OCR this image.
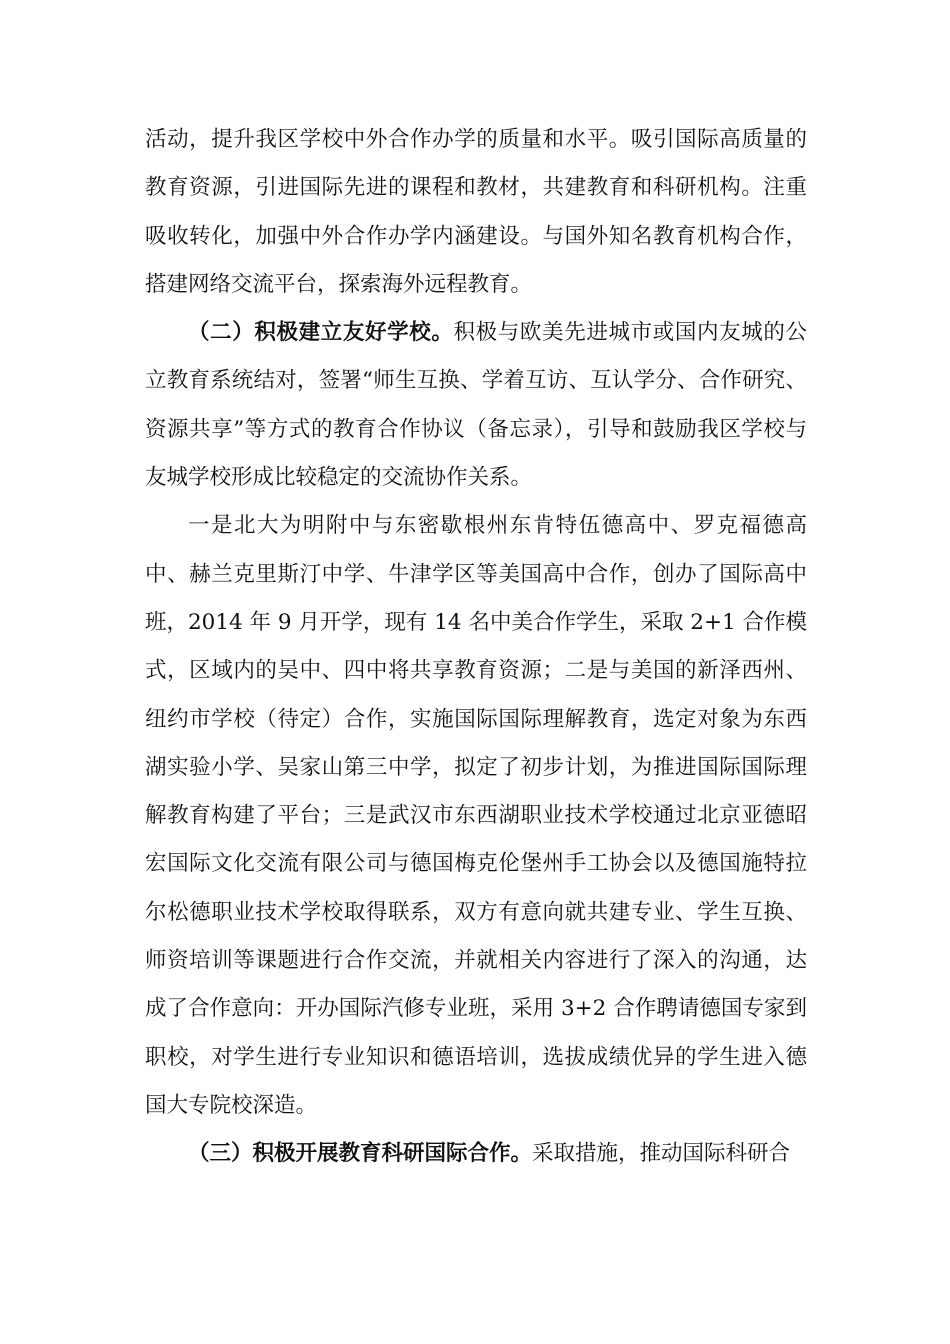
活动，提升我区学校中外合作办学的质量和水平。吸引国际高质量的教育资源，引进国际先进的课程和教材，共建教育和科研机构。注重吸收转化，加强中外合作办学内涵建设。与国外知名教育机构合作，搭建网络交流平台，探索海外远程教育。

（二）积极建立友好学校。积极与欧美先进城市或国内友城的公立教育系统结对，签署“师生互换、学着互访、互认学分、合作研究、资源共享”等方式的教育合作协议（备忘录），引导和鼓励我区学校与友城学校形成比较稳定的交流协作关系。

一是北大为明附中与东密歇根州东肯特伍德高中、罗克福德高中、赫兰克里斯汀中学、牛津学区等美国高中合作，创办了国际高中班，2014 年 9 月开学，现有 14 名中美合作学生，采取 2+1 合作模式，区域内的吴中、四中将共享教育资源；二是与美国的新泽西州、纽约市学校（待定）合作，实施国际国际理解教育，选定对象为东西湖实验小学、吴家山第三中学，拟定了初步计划，为推进国际国际理解教育构建了平台；三是武汉市东西湖职业技术学校通过北京亚德昭宏国际文化交流有限公司与德国梅克伦堡州手工协会以及德国施特拉尔松德职业技术学校取得联系，双方有意向就共建专业、学生互换、师资培训等课题进行合作交流，并就相关内容进行了深入的沟通，达成了合作意向：开办国际汽修专业班，采用 3+2 合作聘请德国专家到职校，对学生进行专业知识和德语培训，选拔成绩优异的学生进入德国大专院校深造。

（三）积极开展教育科研国际合作。采取措施，推动国际科研合
